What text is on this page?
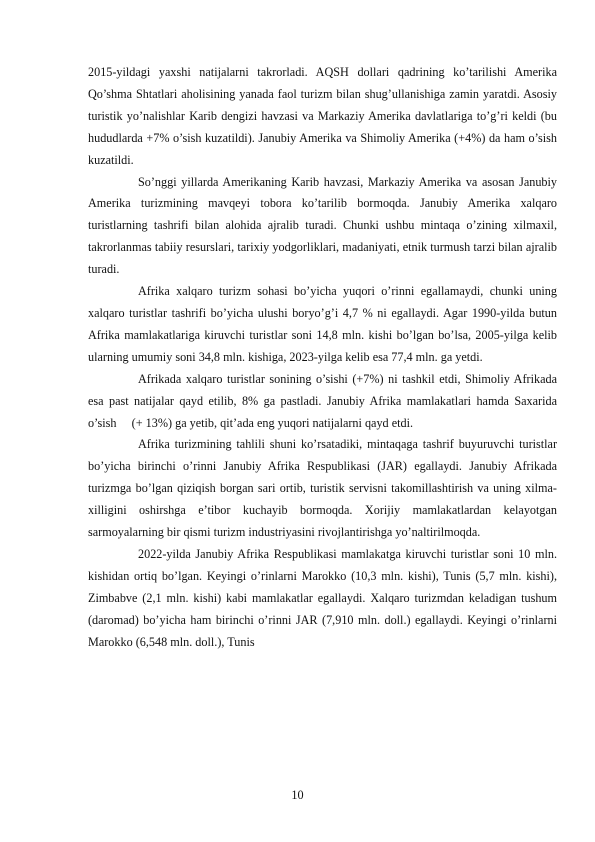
2015-yildagi yaxshi natijalarni takrorladi. AQSH dollari qadrining ko’tarilishi Amerika Qo’shma Shtatlari aholisining yanada faol turizm bilan shug’ullanishiga zamin yaratdi. Asosiy turistik yo’nalishlar Karib dengizi havzasi va Markaziy Amerika davlatlariga to’g’ri keldi (bu hududlarda +7% o’sish kuzatildi). Janubiy Amerika va Shimoliy Amerika (+4%) da ham o’sish kuzatildi.

So’nggi yillarda Amerikaning Karib havzasi, Markaziy Amerika va asosan Janubiy Amerika turizmining mavqeyi tobora ko’tarilib bormoqda. Janubiy Amerika xalqaro turistlarning tashrifi bilan alohida ajralib turadi. Chunki ushbu mintaqa o’zining xilmaxil, takrorlanmas tabiiy resurslari, tarixiy yodgorliklari, madaniyati, etnik turmush tarzi bilan ajralib turadi.

Afrika xalqaro turizm sohasi bo’yicha yuqori o’rinni egallamaydi, chunki uning xalqaro turistlar tashrifi bo’yicha ulushi boryo’g’i 4,7 % ni egallaydi. Agar 1990-yilda butun Afrika mamlakatlariga kiruvchi turistlar soni 14,8 mln. kishi bo’lgan bo’lsa, 2005-yilga kelib ularning umumiy soni 34,8 mln. kishiga, 2023-yilga kelib esa 77,4 mln. ga yetdi.

Afrikada xalqaro turistlar sonining o’sishi (+7%) ni tashkil etdi, Shimoliy Afrikada esa past natijalar qayd etilib, 8% ga pastladi. Janubiy Afrika mamlakatlari hamda Saxarida o’sish     (+ 13%) ga yetib, qit’ada eng yuqori natijalarni qayd etdi.

Afrika turizmining tahlili shuni ko’rsatadiki, mintaqaga tashrif buyuruvchi turistlar bo’yicha birinchi o’rinni Janubiy Afrika Respublikasi (JAR) egallaydi. Janubiy Afrikada turizmga bo’lgan qiziqish borgan sari ortib, turistik servisni takomillashtirish va uning xilma-xilligini oshirshga e’tibor kuchayib bormoqda. Xorijiy mamlakatlardan kelayotgan sarmoyalarning bir qismi turizm industriyasini rivojlantirishga yo’naltirilmoqda.

2022-yilda Janubiy Afrika Respublikasi mamlakatga kiruvchi turistlar soni 10 mln. kishidan ortiq bo’lgan. Keyingi o’rinlarni Marokko (10,3 mln. kishi), Tunis (5,7 mln. kishi), Zimbabve (2,1 mln. kishi) kabi mamlakatlar egallaydi. Xalqaro turizmdan keladigan tushum (daromad) bo’yicha ham birinchi o’rinni JAR (7,910 mln. doll.) egallaydi. Keyingi o’rinlarni Marokko (6,548 mln. doll.), Tunis

10
